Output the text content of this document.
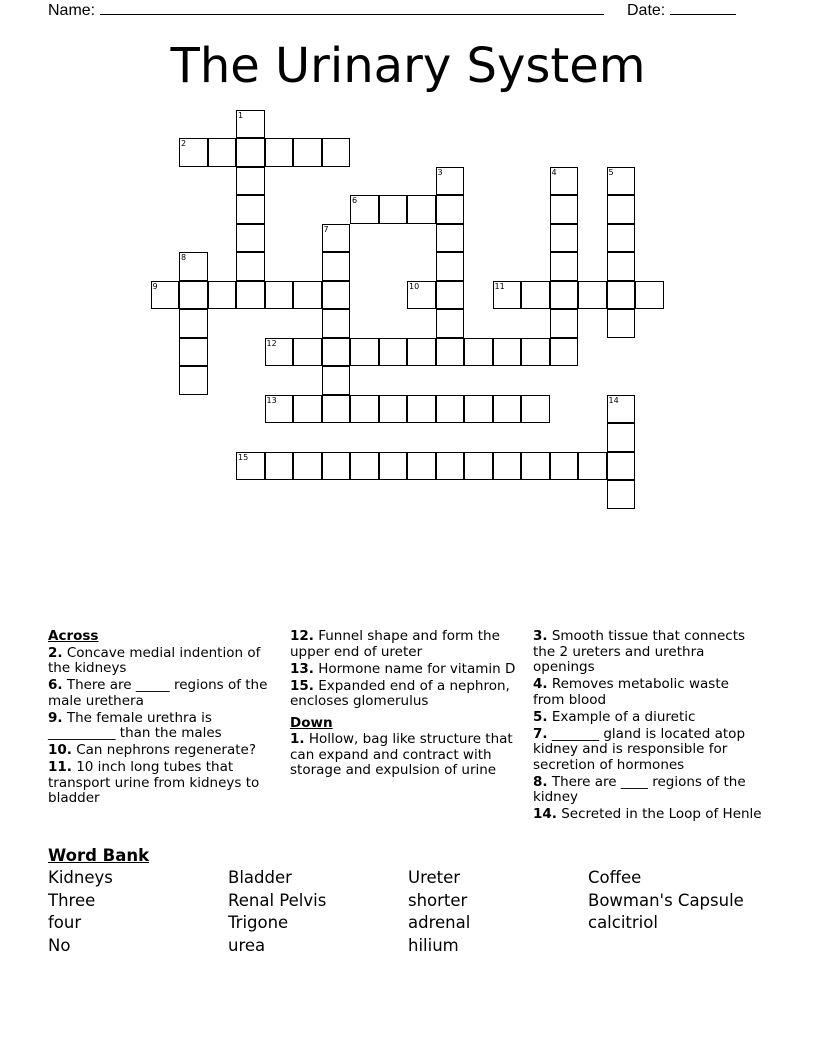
Name:	Date:
The Urinary System
1
2
3	4	5
6
7
8
9	10	11
12
13	14
15
Across
2. Concave medial indention of the kidneys
6. There are _____ regions of the male urethera
9. The female urethra is __________ than the males
10. Can nephrons regenerate?
11. 10 inch long tubes that transport urine from kidneys to bladder
12. Funnel shape and form the upper end of ureter
13. Hormone name for vitamin D
15. Expanded end of a nephron, encloses glomerulus
Down
1. Hollow, bag like structure that can expand and contract with storage and expulsion of urine
3. Smooth tissue that connects the 2 ureters and urethra openings
4. Removes metabolic waste from blood
5. Example of a diuretic
7. _______ gland is located atop kidney and is responsible for secretion of hormones
8. There are ____ regions of the kidney
14. Secreted in the Loop of Henle
Word Bank
Kidneys
Three
four
No
Bladder
Renal Pelvis
Trigone
urea
Ureter
shorter
adrenal
hilium
Coffee
Bowman's Capsule
calcitriol
